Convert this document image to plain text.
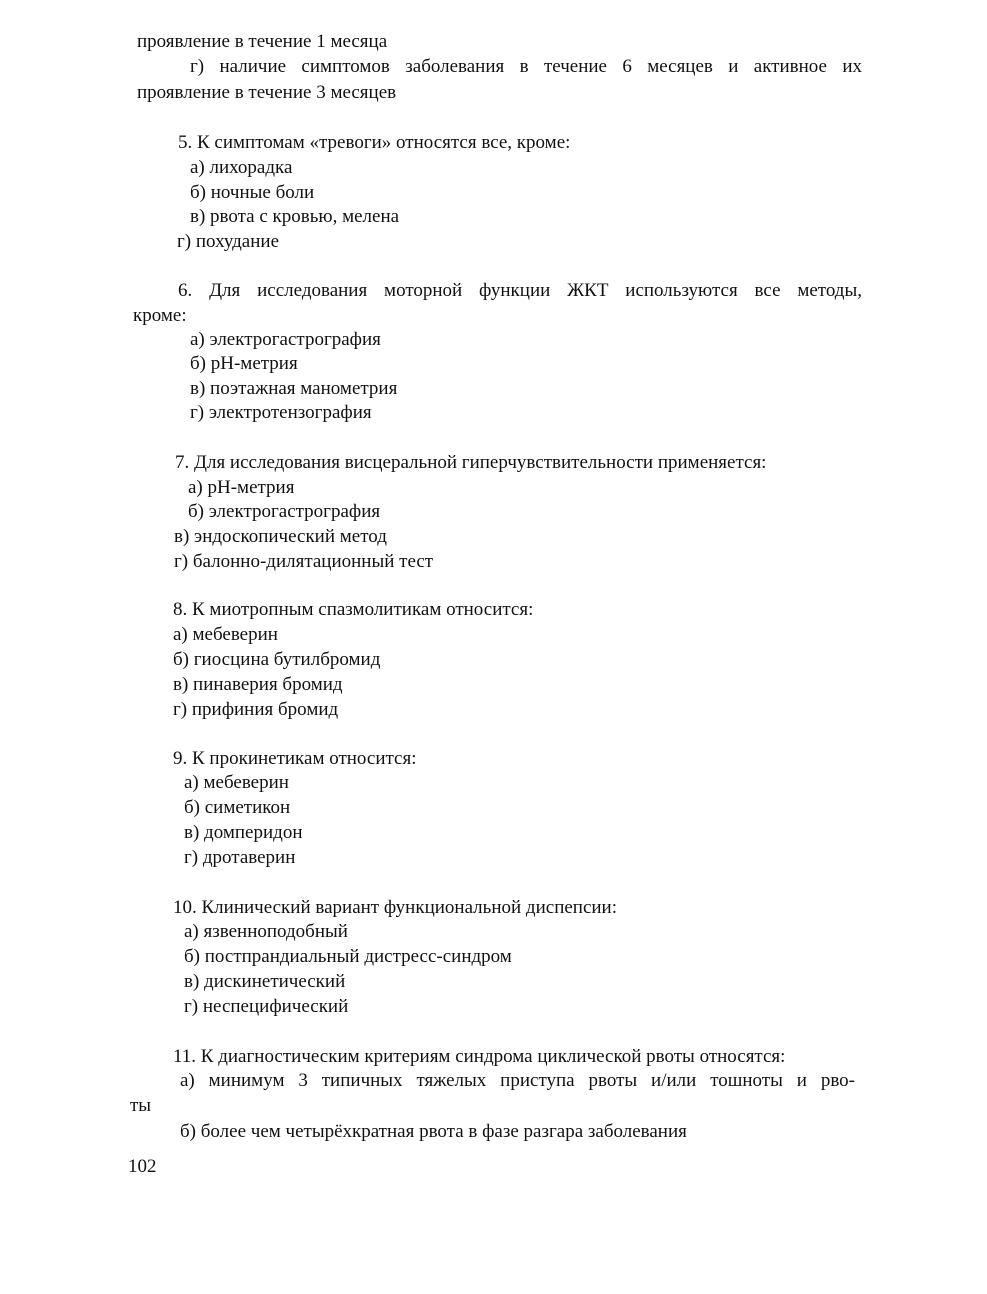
проявление в течение 1 месяца
г) наличие симптомов заболевания в течение 6 месяцев и активное их
проявление в течение 3 месяцев
5. К симптомам «тревоги» относятся все, кроме:
а) лихорадка
б) ночные боли
в) рвота с кровью, мелена
г) похудание
6. Для исследования моторной функции ЖКТ используются все методы,
кроме:
а) электрогастрография
б) рН-метрия
в) поэтажная манометрия
г) электротензография
7. Для исследования висцеральной гиперчувствительности применяется:
а) рН-метрия
б) электрогастрография
в) эндоскопический метод
г) балонно-дилятационный тест
8. К миотропным спазмолитикам относится:
а) мебеверин
б) гиосцина бутилбромид
в) пинаверия бромид
г) прифиния бромид
9. К прокинетикам относится:
а) мебеверин
б) симетикон
в) домперидон
г) дротаверин
10. Клинический вариант функциональной диспепсии:
а) язвенноподобный
б) постпрандиальный дистресс-синдром
в) дискинетический
г) неспецифический
11. К диагностическим критериям синдрома циклической рвоты относятся:
а) минимум 3 типичных тяжелых приступа рвоты и/или тошноты и рво-
ты
б) более чем четырёхкратная рвота в фазе разгара заболевания
102
